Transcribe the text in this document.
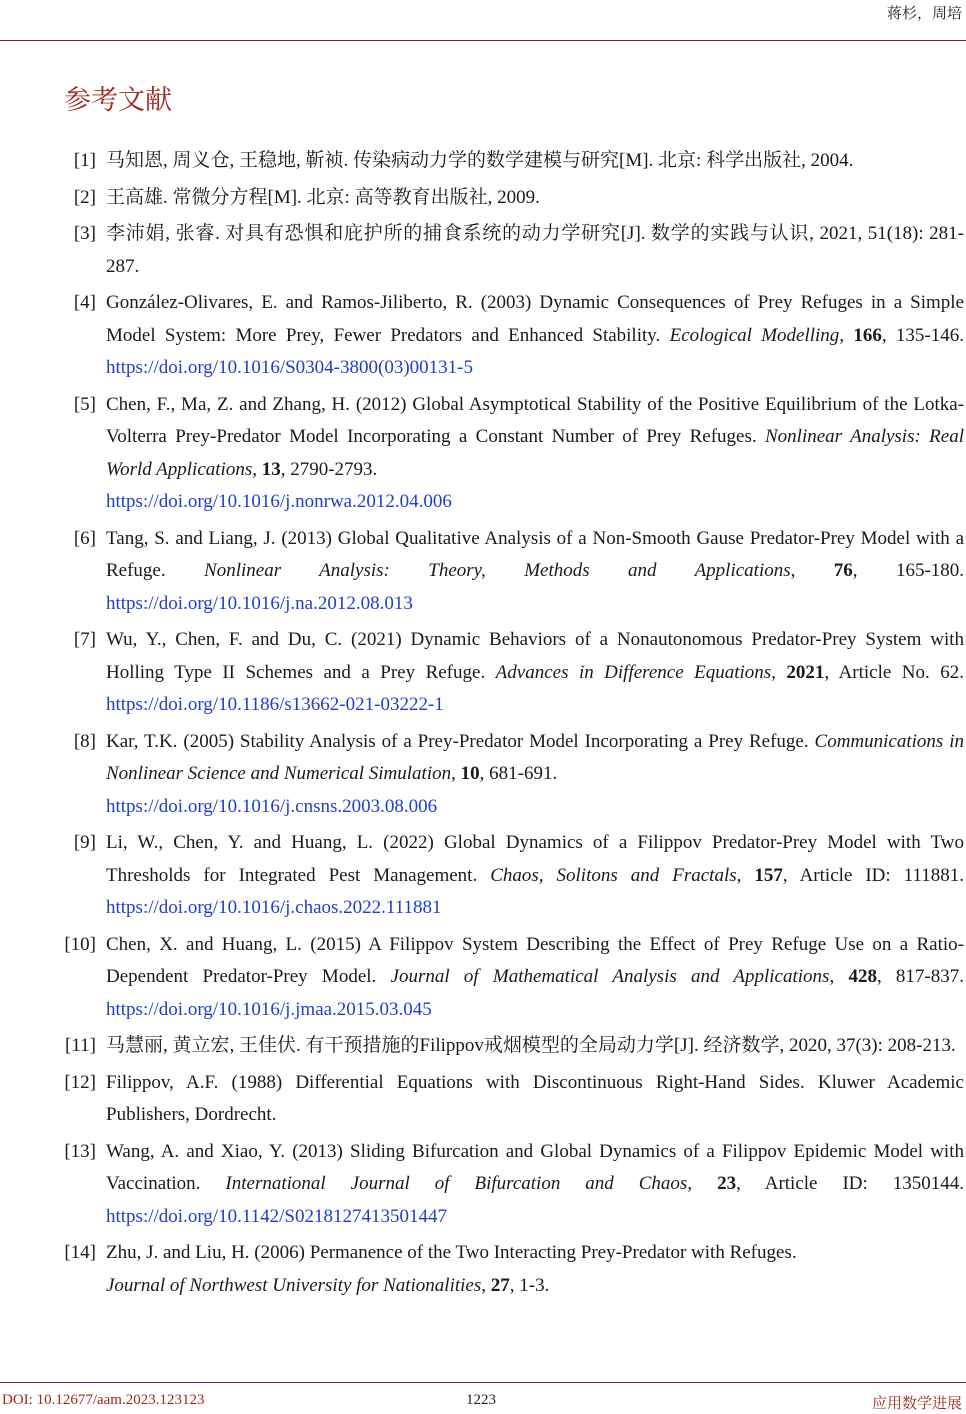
蒋杉，周培
参考文献
[1] 马知恩, 周义仓, 王稳地, 靳祯. 传染病动力学的数学建模与研究[M]. 北京: 科学出版社, 2004.
[2] 王高雄. 常微分方程[M]. 北京: 高等教育出版社, 2009.
[3] 李沛娟, 张睿. 对具有恐惧和庇护所的捕食系统的动力学研究[J]. 数学的实践与认识, 2021, 51(18): 281-287.
[4] González-Olivares, E. and Ramos-Jiliberto, R. (2003) Dynamic Consequences of Prey Refuges in a Simple Model System: More Prey, Fewer Predators and Enhanced Stability. Ecological Modelling, 166, 135-146. https://doi.org/10.1016/S0304-3800(03)00131-5
[5] Chen, F., Ma, Z. and Zhang, H. (2012) Global Asymptotical Stability of the Positive Equilibrium of the Lotka-Volterra Prey-Predator Model Incorporating a Constant Number of Prey Refuges. Nonlinear Analysis: Real World Applications, 13, 2790-2793.
https://doi.org/10.1016/j.nonrwa.2012.04.006
[6] Tang, S. and Liang, J. (2013) Global Qualitative Analysis of a Non-Smooth Gause Predator-Prey Model with a Refuge. Nonlinear Analysis: Theory, Methods and Applications, 76, 165-180. https://doi.org/10.1016/j.na.2012.08.013
[7] Wu, Y., Chen, F. and Du, C. (2021) Dynamic Behaviors of a Nonautonomous Predator-Prey System with Holling Type II Schemes and a Prey Refuge. Advances in Difference Equations, 2021, Article No. 62. https://doi.org/10.1186/s13662-021-03222-1
[8] Kar, T.K. (2005) Stability Analysis of a Prey-Predator Model Incorporating a Prey Refuge. Communications in Nonlinear Science and Numerical Simulation, 10, 681-691.
https://doi.org/10.1016/j.cnsns.2003.08.006
[9] Li, W., Chen, Y. and Huang, L. (2022) Global Dynamics of a Filippov Predator-Prey Model with Two Thresholds for Integrated Pest Management. Chaos, Solitons and Fractals, 157, Article ID: 111881. https://doi.org/10.1016/j.chaos.2022.111881
[10] Chen, X. and Huang, L. (2015) A Filippov System Describing the Effect of Prey Refuge Use on a Ratio-Dependent Predator-Prey Model. Journal of Mathematical Analysis and Applications, 428, 817-837. https://doi.org/10.1016/j.jmaa.2015.03.045
[11] 马慧丽, 黄立宏, 王佳伏. 有干预措施的Filippov戒烟模型的全局动力学[J]. 经济数学, 2020, 37(3): 208-213.
[12] Filippov, A.F. (1988) Differential Equations with Discontinuous Right-Hand Sides. Kluwer Academic Publishers, Dordrecht.
[13] Wang, A. and Xiao, Y. (2013) Sliding Bifurcation and Global Dynamics of a Filippov Epidemic Model with Vaccination. International Journal of Bifurcation and Chaos, 23, Article ID: 1350144. https://doi.org/10.1142/S0218127413501447
[14] Zhu, J. and Liu, H. (2006) Permanence of the Two Interacting Prey-Predator with Refuges.
Journal of Northwest University for Nationalities, 27, 1-3.
DOI: 10.12677/aam.2023.123123	1223	应用数学进展
